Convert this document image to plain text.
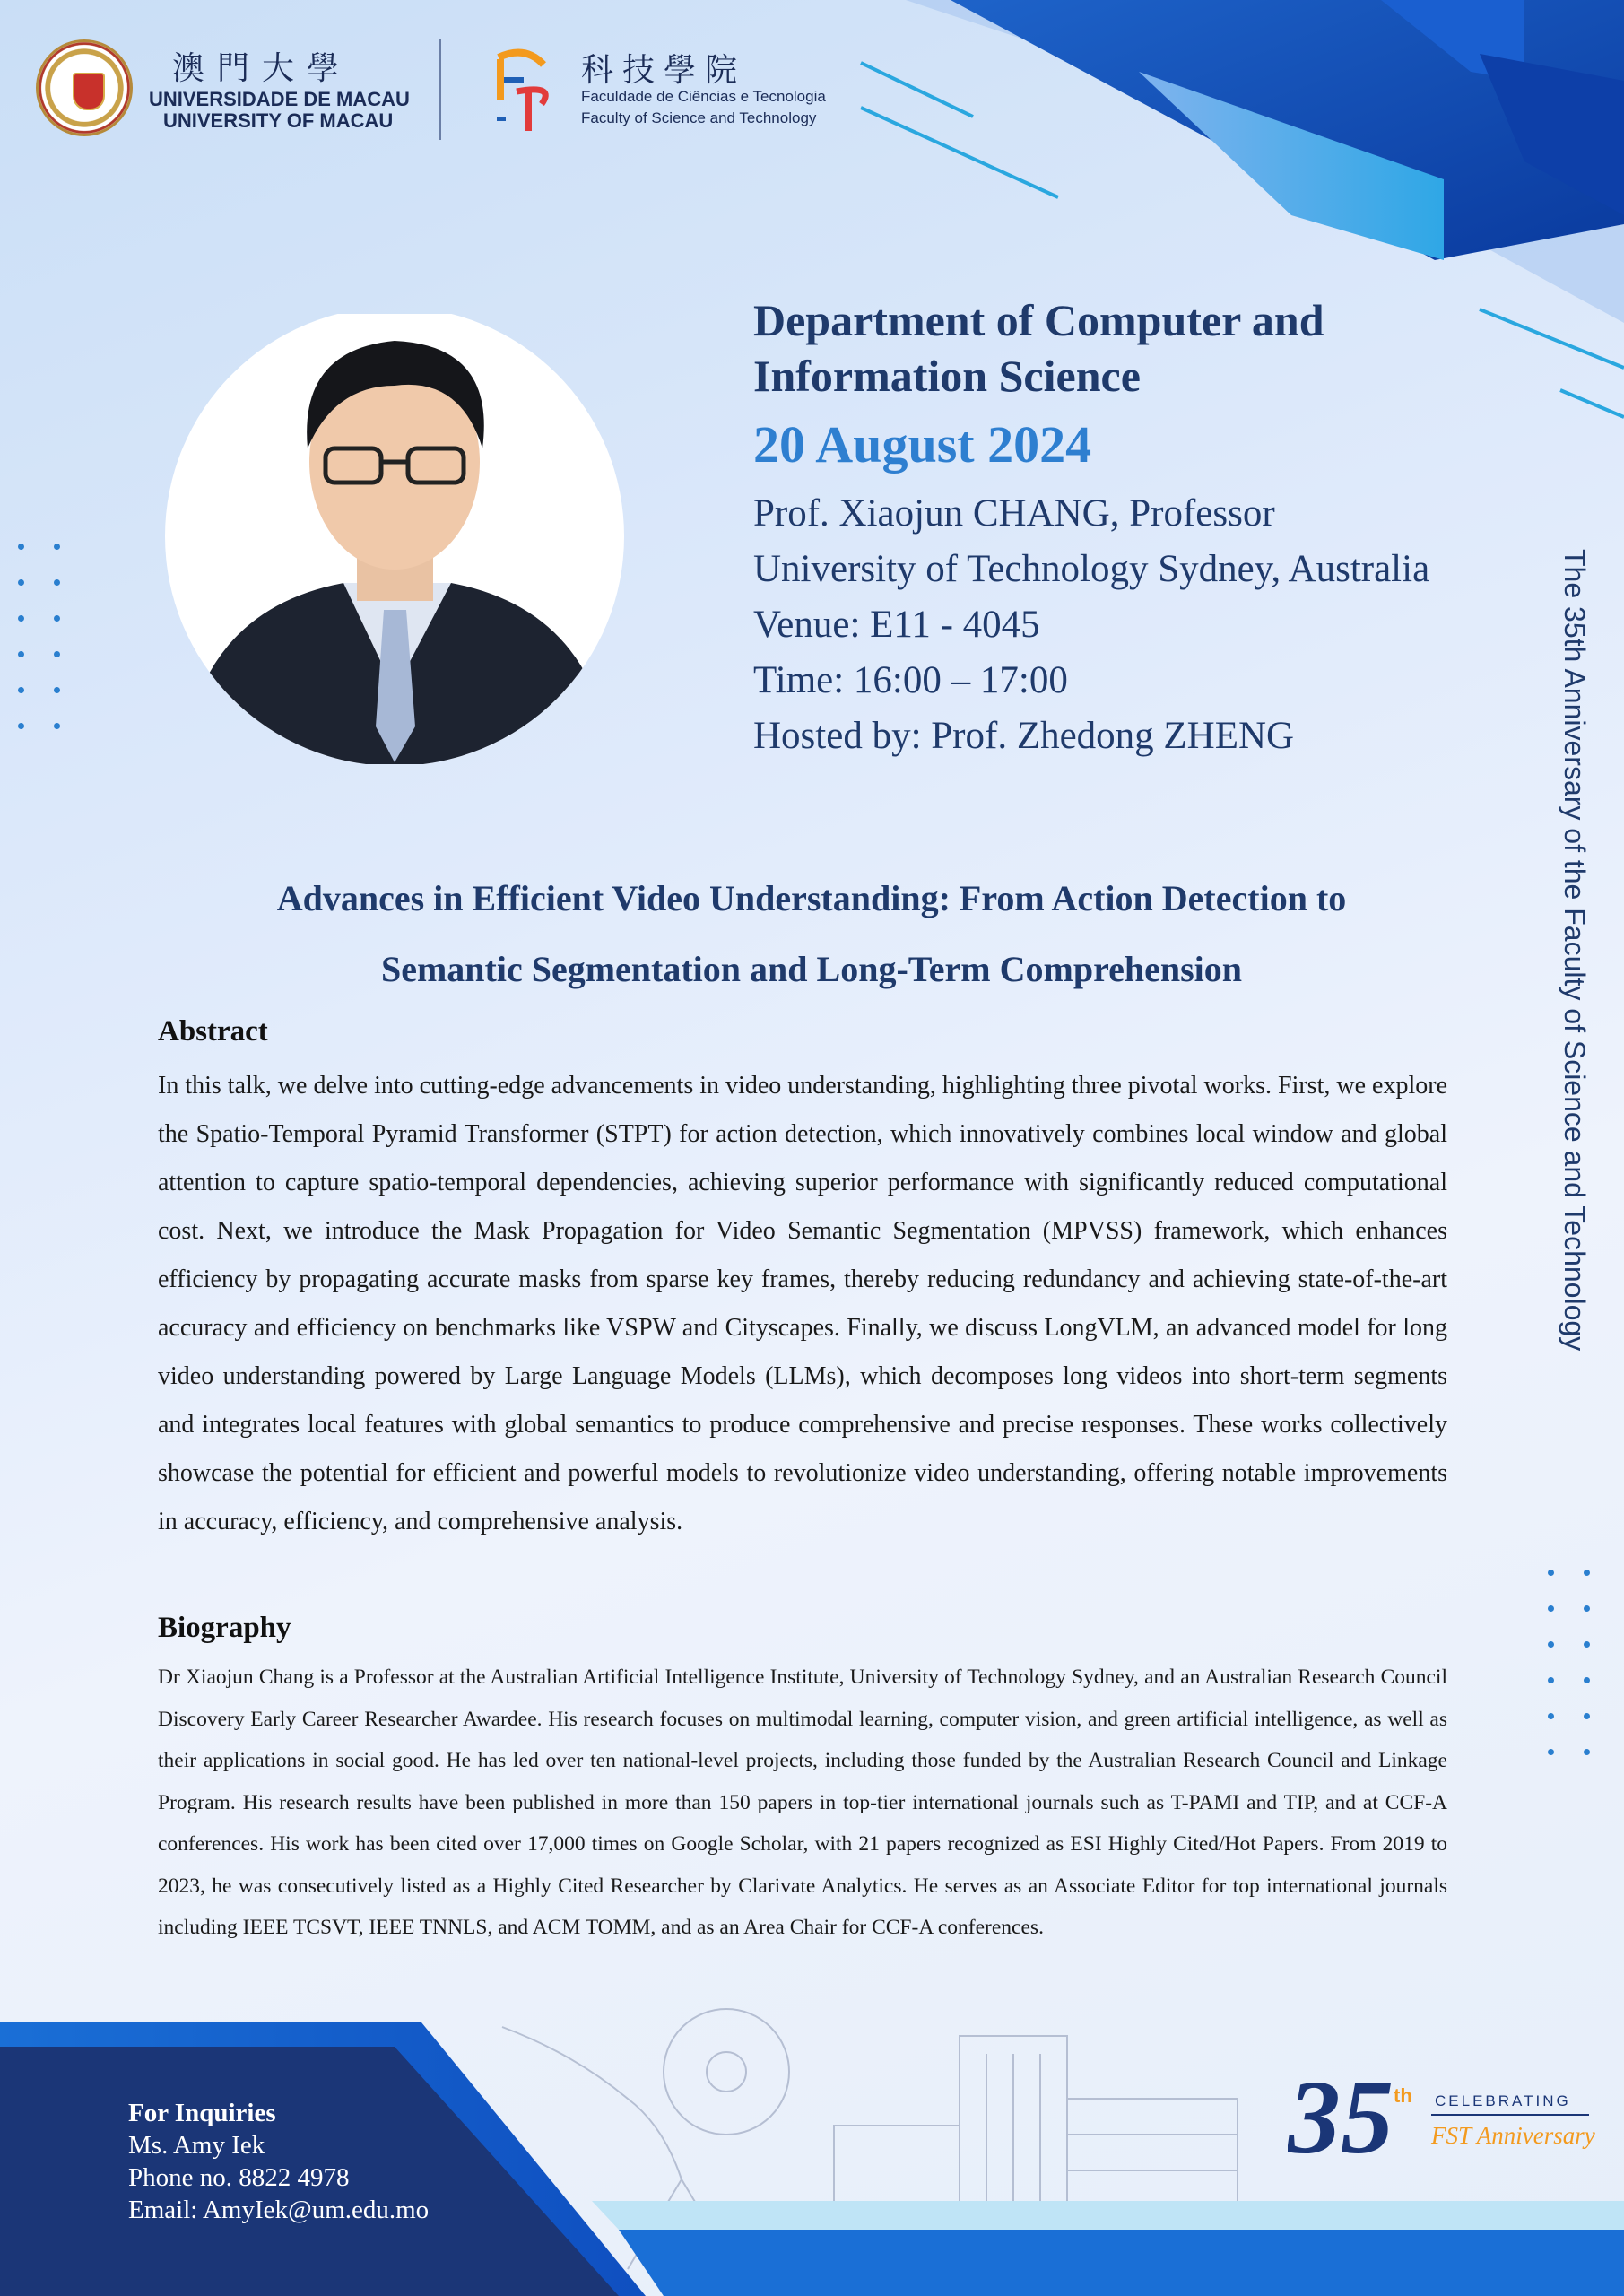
澳門大學
UNIVERSIDADE DE MACAU
UNIVERSITY OF MACAU
科技學院
Faculdade de Ciências e Tecnologia
Faculty of Science and Technology
Department of Computer and Information Science
20 August 2024
Prof. Xiaojun CHANG, Professor
University of Technology Sydney, Australia
Venue: E11 - 4045
Time: 16:00 – 17:00
Hosted by: Prof. Zhedong ZHENG	The 35th Anniversary of the Faculty of Science and Technology
Advances in Efficient Video Understanding: From Action Detection to
Semantic Segmentation and Long-Term Comprehension
Abstract
In this talk, we delve into cutting-edge advancements in video understanding, highlighting three pivotal works. First, we explore the Spatio-Temporal Pyramid Transformer (STPT) for action detection, which innovatively combines local window and global attention to capture spatio-temporal dependencies, achieving superior performance with significantly reduced computational cost. Next, we introduce the Mask Propagation for Video Semantic Segmentation (MPVSS) framework, which enhances efficiency by propagating accurate masks from sparse key frames, thereby reducing redundancy and achieving state-of-the-art accuracy and efficiency on benchmarks like VSPW and Cityscapes. Finally, we discuss LongVLM, an advanced model for long video understanding powered by Large Language Models (LLMs), which decomposes long videos into short-term segments and integrates local features with global semantics to produce comprehensive and precise responses. These works collectively showcase the potential for efficient and powerful models to revolutionize video understanding, offering notable improvements in accuracy, efficiency, and comprehensive analysis.
Biography
Dr Xiaojun Chang is a Professor at the Australian Artificial Intelligence Institute, University of Technology Sydney, and an Australian Research Council Discovery Early Career Researcher Awardee. His research focuses on multimodal learning, computer vision, and green artificial intelligence, as well as their applications in social good. He has led over ten national-level projects, including those funded by the Australian Research Council and Linkage Program. His research results have been published in more than 150 papers in top-tier international journals such as T-PAMI and TIP, and at CCF-A conferences. His work has been cited over 17,000 times on Google Scholar, with 21 papers recognized as ESI Highly Cited/Hot Papers. From 2019 to 2023, he was consecutively listed as a Highly Cited Researcher by Clarivate Analytics. He serves as an Associate Editor for top international journals including IEEE TCSVT, IEEE TNNLS, and ACM TOMM, and as an Area Chair for CCF-A conferences.
For Inquiries
Ms. Amy Iek
Phone no. 8822 4978
Email: AmyIek@um.edu.mo
35 th CELEBRATING
FST Anniversary
